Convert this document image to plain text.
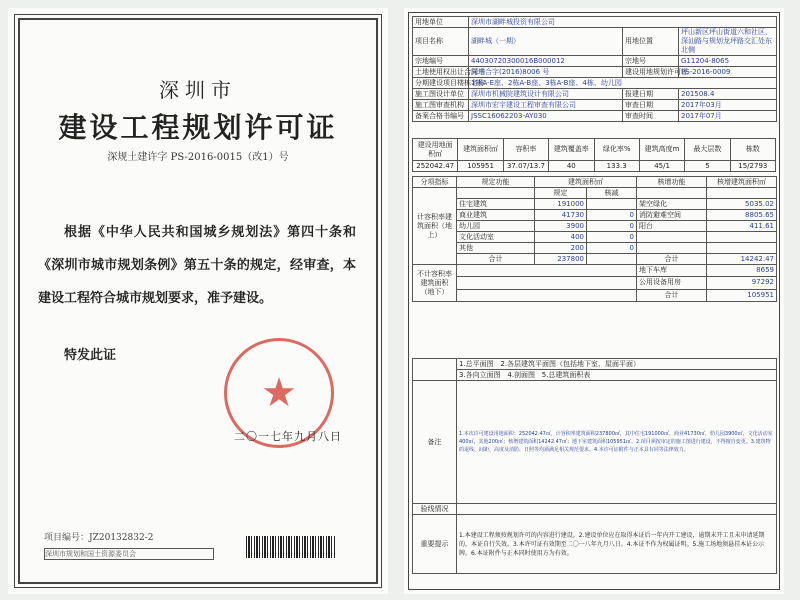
深圳市
建设工程规划许可证
深规土建许字 PS-2016-0015（改1）号
根据《中华人民共和国城乡规划法》第四十条和《深圳市城市规划条例》第五十条的规定，经审查，本建设工程符合城市规划要求，准予建设。
特发此证
★
二〇一七年九月八日
项目编号：JZ20132832-2
深圳市规划和国土资源委员会
用地单位	深圳市湖畔城投资有限公司		
项目名称	湖畔城（一期）	用地位置	坪山新区坪山街道六和社区，深汕路与规划龙坪路交汇处东北侧
宗地编号	44030720300016B000012	宗地号	G11204-8065
土地使用权出让合同书	深地合字(2016)8006 号	建设用地规划许可证	PS-2016-0009
分期建设项目楼栋名称	1栋A-E座、2栋A-B座、3栋A-B座、4栋、幼儿园		
施工图设计单位	深圳市机械院建筑设计有限公司	报建日期	201508.4
施工图审查机构	深圳市宏宇建设工程审查有限公司	审查日期	2017年03月
备案合格书编号	JSSC16062203-AY030	审查时间	2017年07月
建设用地面积㎡	建筑面积㎡	容积率	建筑覆盖率	绿化率%	建筑高度m	最大层数	栋数
252042.47	105951	37.07/13.7	40	133.3	45/1	5	15/2793
分项指标	规定功能	建筑面积㎡		核增功能	核增建筑面积㎡
计容积率建筑面积（地上）		规定	核减		
	住宅建筑	191000		架空绿化	5035.02
	商业建筑	41730	0	消防避难空间	8805.65
	幼儿园	3900	0	阳台	411.61
	文化活动室	400	0		
	其他	200	0		
	合计	237800		合计	14242.47
不计容积率建筑面积（地下）				地下车库	8659
				公用设备用房	97292
				合计	105951
	1.总平面图 2.各层建筑平面图（包括地下室、屋面平面）
	3.各向立面图 4.剖面图 5.总建筑面积表
备注	1.本次许可建设用地面积：252042.47㎡，计容积率建筑面积237800㎡，其中住宅191000㎡，商业41730㎡，幼儿园3900㎡，文化活动室400㎡，其他200㎡；核增建筑面积14242.47㎡；地下室建筑面积105951㎡。2.项目须按审定的施工图进行建设，不得擅自变更。3.建筑物的退线、间距、高度及消防、日照等均须满足相关规范要求。4.本许可证附件与正本具有同等法律效力。
验线情况	
重要提示	1.本建设工程须按规划许可的内容进行建设。2.建设单位应在取得本证后一年内开工建设，逾期未开工且未申请延期的，本证自行失效。3.本许可证有效期至二〇一八年九月八日。4.本证不作为权属证明。5.施工场地须悬挂本证公示牌。6.本证附件与正本同时使用方为有效。
